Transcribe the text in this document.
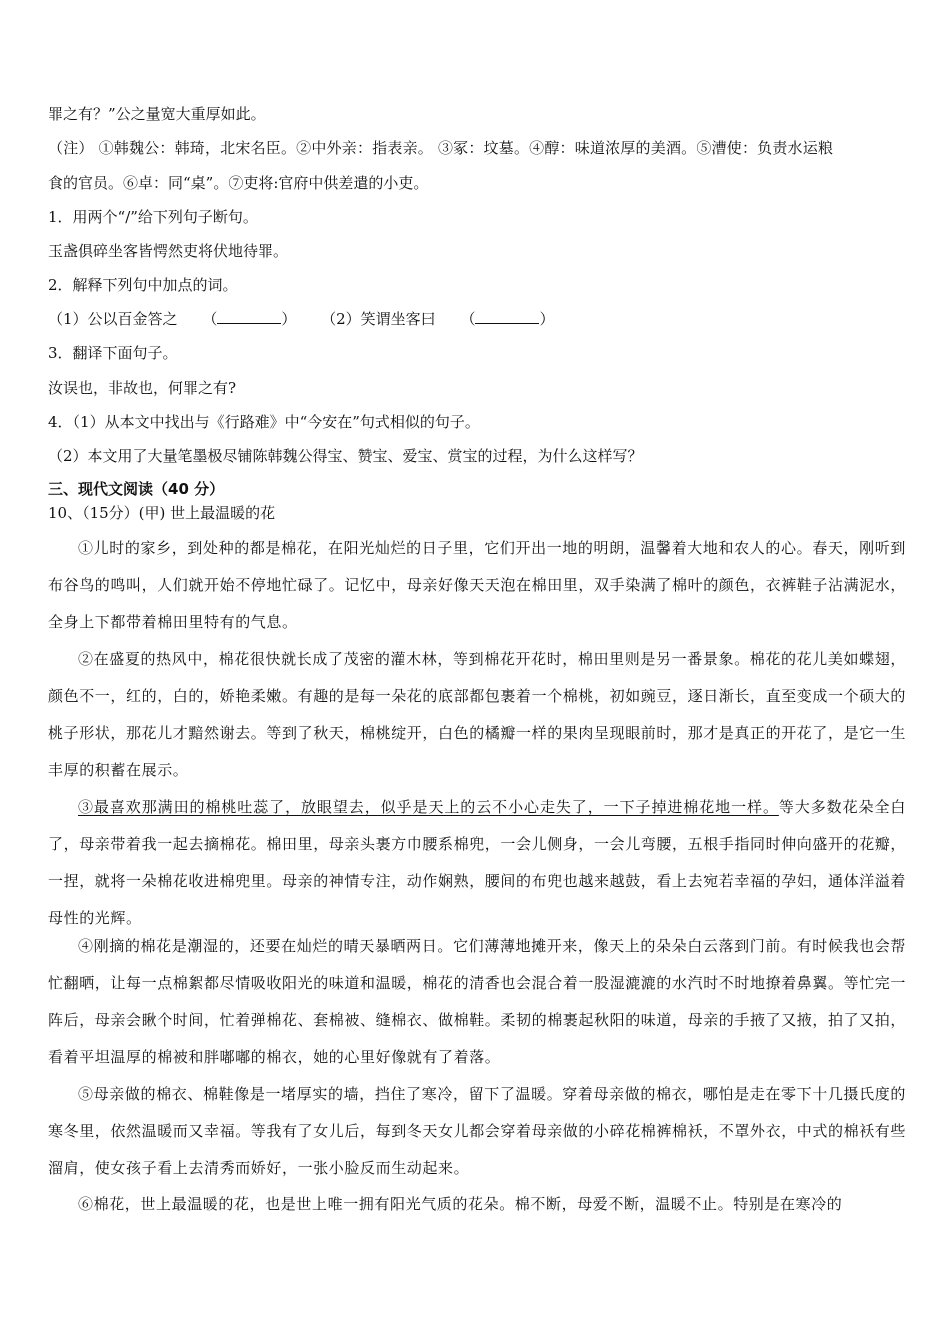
罪之有？”公之量宽大重厚如此。
（注） ①韩魏公：韩琦，北宋名臣。②中外亲：指表亲。 ③冢：坟墓。④醇：味道浓厚的美酒。⑤漕使：负责水运粮
食的官员。⑥卓：同“桌”。⑦吏将:官府中供差遣的小吏。
1．用两个“/”给下列句子断句。
玉盏俱碎坐客皆愕然吏将伏地待罪。
2．解释下列句中加点的词。
（1）公以百金答之 （	） （2）笑谓坐客曰 （	）
3．翻译下面句子。
汝误也，非故也，何罪之有?
4．（1）从本文中找出与《行路难》中“今安在”句式相似的句子。
（2）本文用了大量笔墨极尽铺陈韩魏公得宝、赞宝、爱宝、赏宝的过程，为什么这样写？
三、现代文阅读（40 分）
10、（15分）(甲) 世上最温暖的花
①儿时的家乡，到处种的都是棉花，在阳光灿烂的日子里，它们开出一地的明朗，温馨着大地和农人的心。春天，刚听到布谷鸟的鸣叫，人们就开始不停地忙碌了。记忆中，母亲好像天天泡在棉田里，双手染满了棉叶的颜色，衣裤鞋子沾满泥水，全身上下都带着棉田里特有的气息。
②在盛夏的热风中，棉花很快就长成了茂密的灌木林，等到棉花开花时，棉田里则是另一番景象。棉花的花儿美如蝶翅，颜色不一，红的，白的，娇艳柔嫩。有趣的是每一朵花的底部都包裹着一个棉桃，初如豌豆，逐日渐长，直至变成一个硕大的桃子形状，那花儿才黯然谢去。等到了秋天，棉桃绽开，白色的橘瓣一样的果肉呈现眼前时，那才是真正的开花了，是它一生丰厚的积蓄在展示。
③最喜欢那满田的棉桃吐蕊了，放眼望去，似乎是天上的云不小心走失了，一下子掉进棉花地一样。等大多数花朵全白了，母亲带着我一起去摘棉花。棉田里，母亲头裹方巾腰系棉兜，一会儿侧身，一会儿弯腰，五根手指同时伸向盛开的花瓣，一捏，就将一朵棉花收进棉兜里。母亲的神情专注，动作娴熟，腰间的布兜也越来越鼓，看上去宛若幸福的孕妇，通体洋溢着母性的光辉。
④刚摘的棉花是潮湿的，还要在灿烂的晴天暴晒两日。它们薄薄地摊开来，像天上的朵朵白云落到门前。有时候我也会帮忙翻晒，让每一点棉絮都尽情吸收阳光的味道和温暖，棉花的清香也会混合着一股湿漉漉的水汽时不时地撩着鼻翼。等忙完一阵后，母亲会瞅个时间，忙着弹棉花、套棉被、缝棉衣、做棉鞋。柔韧的棉裹起秋阳的味道，母亲的手掖了又掖，拍了又拍，看着平坦温厚的棉被和胖嘟嘟的棉衣，她的心里好像就有了着落。
⑤母亲做的棉衣、棉鞋像是一堵厚实的墙，挡住了寒冷，留下了温暖。穿着母亲做的棉衣，哪怕是走在零下十几摄氏度的寒冬里，依然温暖而又幸福。等我有了女儿后，每到冬天女儿都会穿着母亲做的小碎花棉裤棉袄，不罩外衣，中式的棉袄有些溜肩，使女孩子看上去清秀而娇好，一张小脸反而生动起来。
⑥棉花，世上最温暖的花，也是世上唯一拥有阳光气质的花朵。棉不断，母爱不断，温暖不止。特别是在寒冷的
